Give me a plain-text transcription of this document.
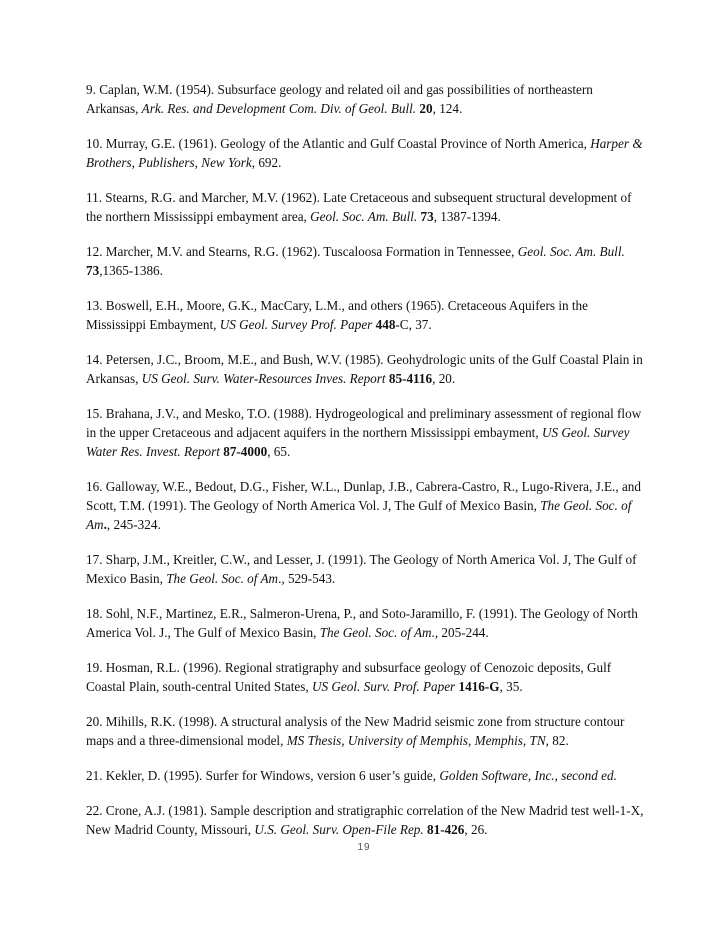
9. Caplan, W.M. (1954). Subsurface geology and related oil and gas possibilities of northeastern Arkansas, Ark. Res. and Development Com. Div. of Geol. Bull. 20, 124.

10. Murray, G.E. (1961). Geology of the Atlantic and Gulf Coastal Province of North America, Harper & Brothers, Publishers, New York, 692.

11. Stearns, R.G. and Marcher, M.V. (1962). Late Cretaceous and subsequent structural development of the northern Mississippi embayment area, Geol. Soc. Am. Bull. 73, 1387-1394.

12. Marcher, M.V. and Stearns, R.G. (1962). Tuscaloosa Formation in Tennessee, Geol. Soc. Am. Bull. 73,1365-1386.

13. Boswell, E.H., Moore, G.K., MacCary, L.M., and others (1965). Cretaceous Aquifers in the Mississippi Embayment, US Geol. Survey Prof. Paper 448-C, 37.

14. Petersen, J.C., Broom, M.E., and Bush, W.V. (1985). Geohydrologic units of the Gulf Coastal Plain in Arkansas, US Geol. Surv. Water-Resources Inves. Report 85-4116, 20.

15. Brahana, J.V., and Mesko, T.O. (1988). Hydrogeological and preliminary assessment of regional flow in the upper Cretaceous and adjacent aquifers in the northern Mississippi embayment, US Geol. Survey Water Res. Invest. Report 87-4000, 65.

16. Galloway, W.E., Bedout, D.G., Fisher, W.L., Dunlap, J.B., Cabrera-Castro, R., Lugo-Rivera, J.E., and Scott, T.M. (1991). The Geology of North America Vol. J, The Gulf of Mexico Basin, The Geol. Soc. of Am., 245-324.

17. Sharp, J.M., Kreitler, C.W., and Lesser, J. (1991). The Geology of North America Vol. J, The Gulf of Mexico Basin, The Geol. Soc. of Am., 529-543.

18. Sohl, N.F., Martinez, E.R., Salmeron-Urena, P., and Soto-Jaramillo, F. (1991). The Geology of North America Vol. J., The Gulf of Mexico Basin, The Geol. Soc. of Am., 205-244.

19. Hosman, R.L. (1996). Regional stratigraphy and subsurface geology of Cenozoic deposits, Gulf Coastal Plain, south-central United States, US Geol. Surv. Prof. Paper 1416-G, 35.

20. Mihills, R.K. (1998). A structural analysis of the New Madrid seismic zone from structure contour maps and a three-dimensional model, MS Thesis, University of Memphis, Memphis, TN, 82.

21. Kekler, D. (1995). Surfer for Windows, version 6 user’s guide, Golden Software, Inc., second ed.

22. Crone, A.J. (1981). Sample description and stratigraphic correlation of the New Madrid test well-1-X, New Madrid County, Missouri, U.S. Geol. Surv. Open-File Rep. 81-426, 26.

19
